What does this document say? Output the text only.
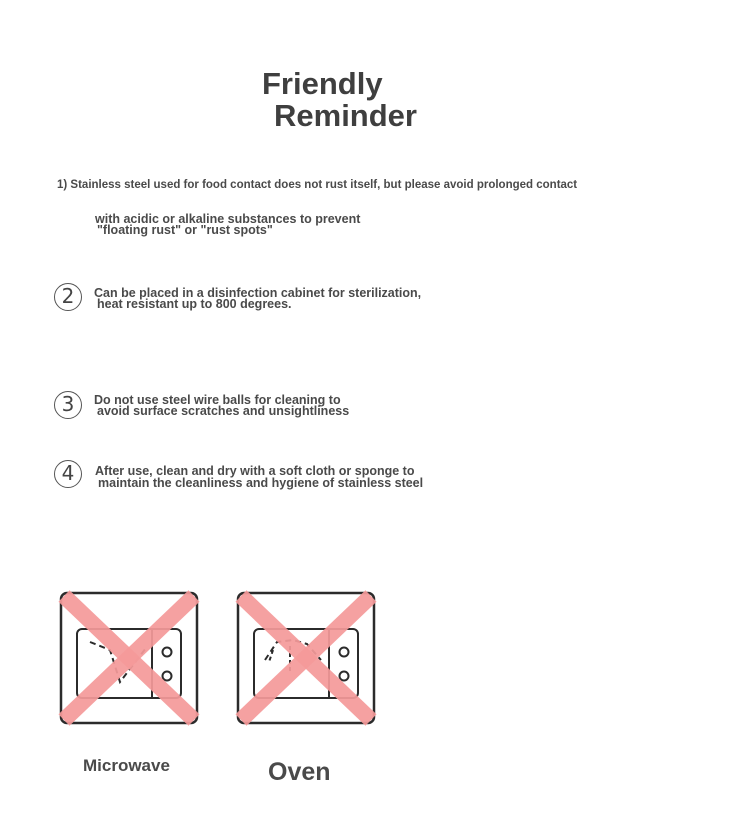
Friendly
Reminder
1) Stainless steel used for food contact does not rust itself, but please avoid prolonged contact
with acidic or alkaline substances to prevent
"floating rust" or "rust spots"
2	Can be placed in a disinfection cabinet for sterilization,
heat resistant up to 800 degrees.
3	Do not use steel wire balls for cleaning to
avoid surface scratches and unsightliness
4	After use, clean and dry with a soft cloth or sponge to
maintain the cleanliness and hygiene of stainless steel
Microwave	Oven
